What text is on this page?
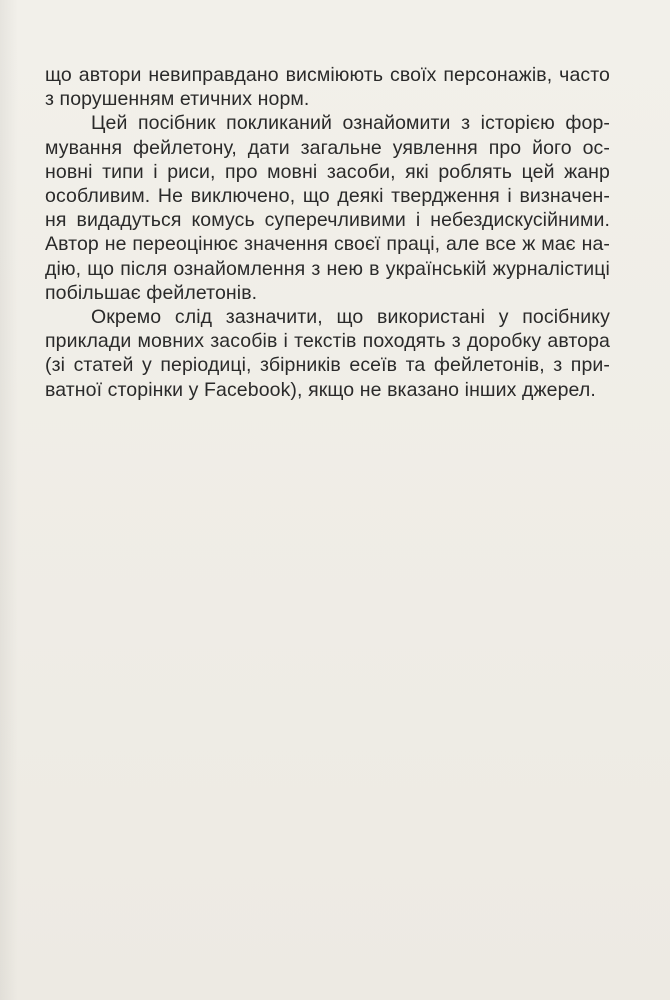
що автори невиправдано висміюють своїх персонажів, часто
з порушенням етичних норм.
Цей посібник покликаний ознайомити з історією фор-
мування фейлетону, дати загальне уявлення про його ос-
новні типи і риси, про мовні засоби, які роблять цей жанр
особливим. Не виключено, що деякі твердження і визначен-
ня видадуться комусь суперечливими і небездискусійними.
Автор не переоцінює значення своєї праці, але все ж має на-
дію, що після ознайомлення з нею в українській журналістиці
побільшає фейлетонів.
Окремо слід зазначити, що використані у посібнику
приклади мовних засобів і текстів походять з доробку автора
(зі статей у періодиці, збірників есеїв та фейлетонів, з при-
ватної сторінки у Facebook), якщо не вказано інших джерел.
